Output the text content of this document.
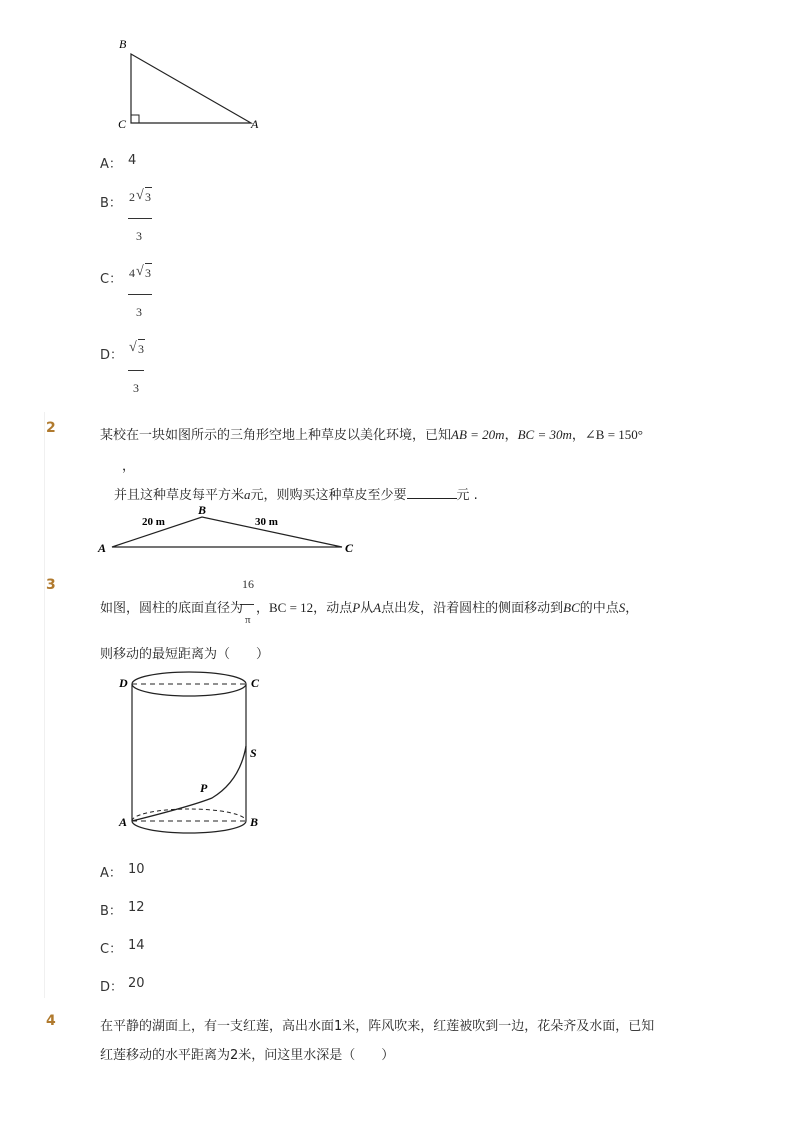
B
C	A
A： 4
B： 2 √ 3
3
C： 4 √ 3
3
D：
√ 3
3
2	某校在一块如图所示的三角形空地上种草皮以美化环境，已知AB = 20m，BC = 30m，∠B = 150°
，
并且这种草皮每平方米a元，则购买这种草皮至少要	元 .
A
B
C
20 m	30 m
3	16
π
如图，圆柱的底面直径为 ，BC = 12，动点P从A点出发，沿着圆柱的侧面移动到BC的中点S，
则移动的最短距离为（　　）
D	C
S
P
A	B
A： 10
B： 12
C： 14
D： 20
4	在平静的湖面上，有一支红莲，高出水面1米，阵风吹来，红莲被吹到一边，花朵齐及水面，已知
红莲移动的水平距离为2米，问这里水深是（　　）
